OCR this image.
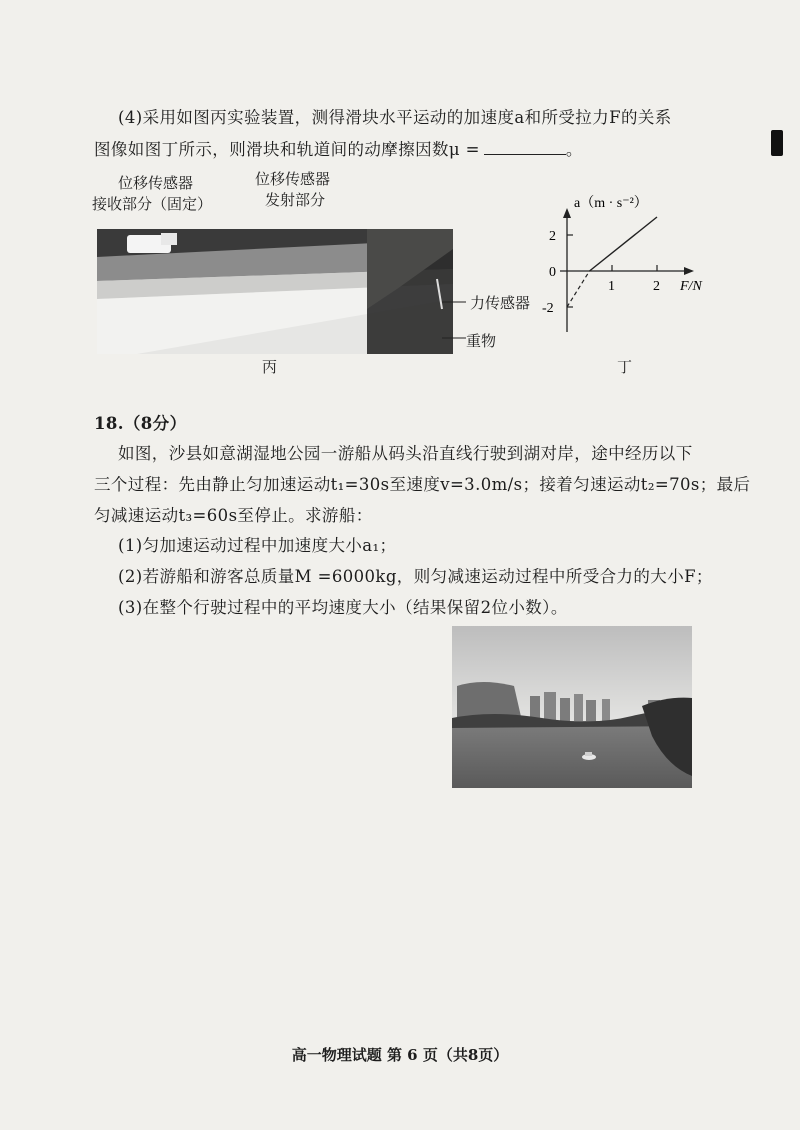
(4)采用如图丙实验装置，测得滑块水平运动的加速度a和所受拉力F的关系
图像如图丁所示，则滑块和轨道间的动摩擦因数μ =	。
位移传感器
接收部分（固定）
位移传感器
发射部分
力传感器
重物
丙
a（m · s⁻²）
2
0
-2
1	2 F/N
丁
18.（8分）
如图，沙县如意湖湿地公园一游船从码头沿直线行驶到湖对岸，途中经历以下
三个过程：先由静止匀加速运动t₁=30s至速度v=3.0m/s；接着匀速运动t₂=70s；最后
匀减速运动t₃=60s至停止。求游船：
(1)匀加速运动过程中加速度大小a₁；
(2)若游船和游客总质量M =6000kg，则匀减速运动过程中所受合力的大小F；
(3)在整个行驶过程中的平均速度大小（结果保留2位小数）。
高一物理试题 第 6 页（共8页）
